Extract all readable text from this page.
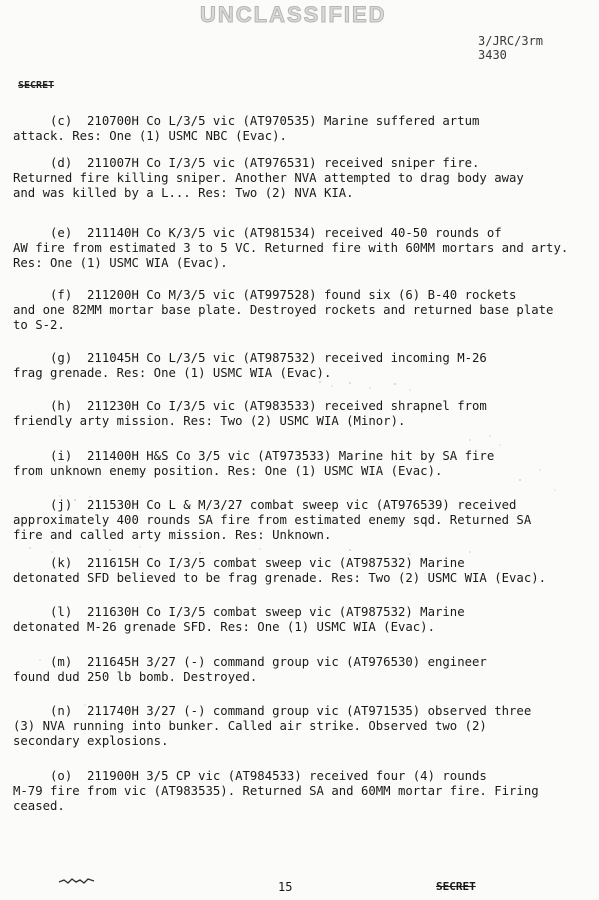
UNCLASSIFIED
3/JRC/3rm
3430
SECRET

(c)  210700H Co L/3/5 vic (AT970535) Marine suffered artum
attack. Res: One (1) USMC NBC (Evac).

(d)  211007H Co I/3/5 vic (AT976531) received sniper fire.
Returned fire killing sniper. Another NVA attempted to drag body away
and was killed by a L... Res: Two (2) NVA KIA.

(e)  211140H Co K/3/5 vic (AT981534) received 40-50 rounds of
AW fire from estimated 3 to 5 VC. Returned fire with 60MM mortars and arty.
Res: One (1) USMC WIA (Evac).

(f)  211200H Co M/3/5 vic (AT997528) found six (6) B-40 rockets
and one 82MM mortar base plate. Destroyed rockets and returned base plate
to S-2.

(g)  211045H Co L/3/5 vic (AT987532) received incoming M-26
frag grenade. Res: One (1) USMC WIA (Evac).

(h)  211230H Co I/3/5 vic (AT983533) received shrapnel from
friendly arty mission. Res: Two (2) USMC WIA (Minor).

(i)  211400H H&S Co 3/5 vic (AT973533) Marine hit by SA fire
from unknown enemy position. Res: One (1) USMC WIA (Evac).

(j)  211530H Co L & M/3/27 combat sweep vic (AT976539) received
approximately 400 rounds SA fire from estimated enemy sqd. Returned SA
fire and called arty mission. Res: Unknown.

(k)  211615H Co I/3/5 combat sweep vic (AT987532) Marine
detonated SFD believed to be frag grenade. Res: Two (2) USMC WIA (Evac).

(l)  211630H Co I/3/5 combat sweep vic (AT987532) Marine
detonated M-26 grenade SFD. Res: One (1) USMC WIA (Evac).

(m)  211645H 3/27 (-) command group vic (AT976530) engineer
found dud 250 lb bomb. Destroyed.

(n)  211740H 3/27 (-) command group vic (AT971535) observed three
(3) NVA running into bunker. Called air strike. Observed two (2)
secondary explosions.

(o)  211900H 3/5 CP vic (AT984533) received four (4) rounds
M-79 fire from vic (AT983535). Returned SA and 60MM mortar fire. Firing
ceased.

15	SECRET
